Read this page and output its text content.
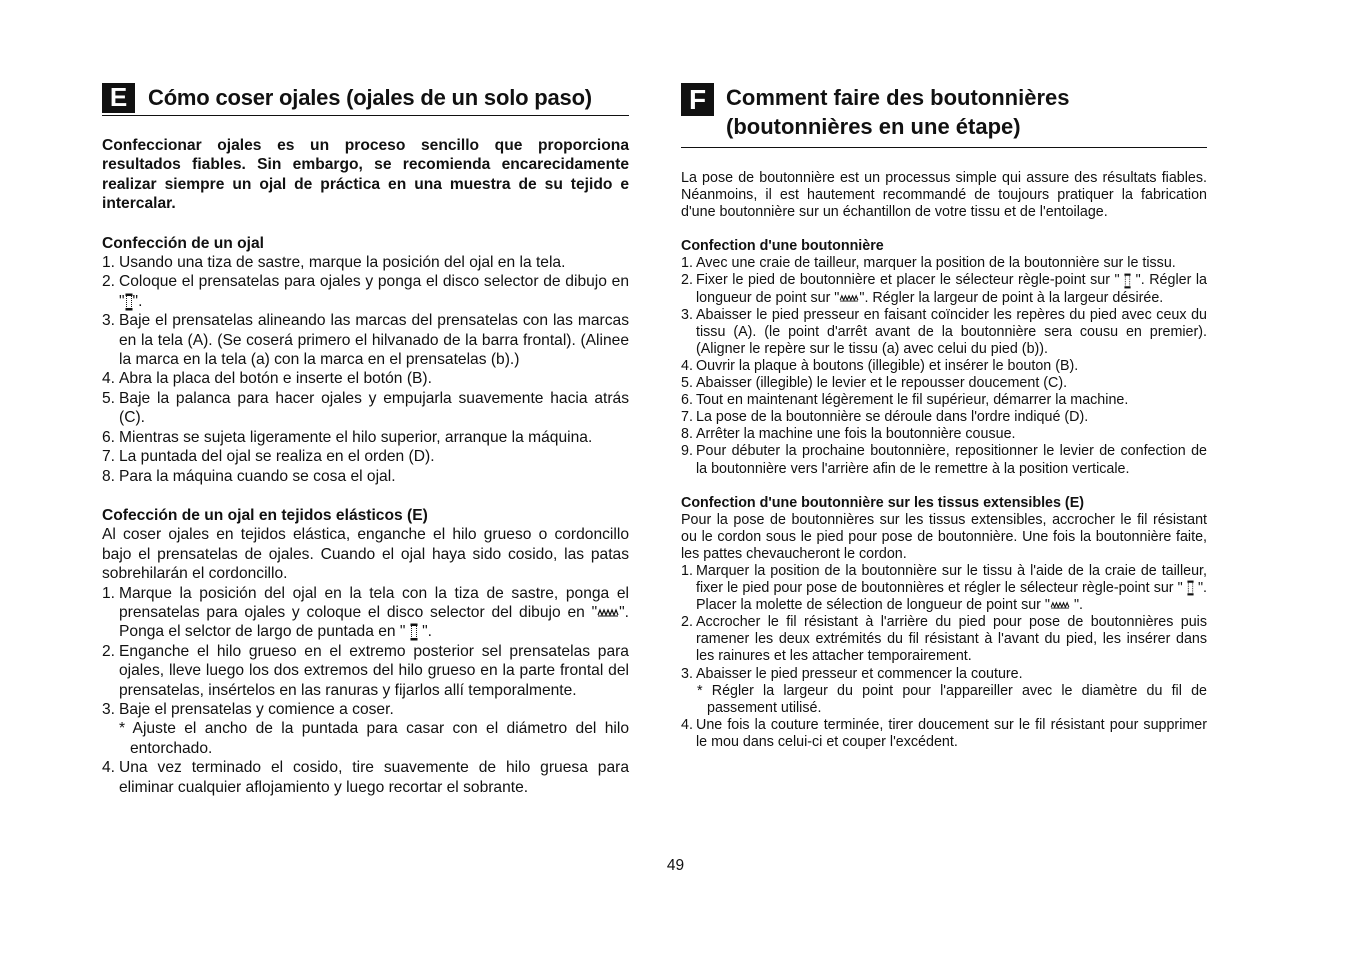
E Cómo coser ojales (ojales de un solo paso)

Confeccionar ojales es un proceso sencillo que proporciona resultados fiables. Sin embargo, se recomienda encarecidamente realizar siempre un ojal de práctica en una muestra de su tejido e intercalar.

Confección de un ojal
1. Usando una tiza de sastre, marque la posición del ojal en la tela.
2. Coloque el prensatelas para ojales y ponga el disco selector de dibujo en " ".
3. Baje el prensatelas alineando las marcas del prensatelas con las marcas en la tela (A). (Se coserá primero el hilvanado de la barra frontal). (Alinee la marca en la tela (a) con la marca en el prensatelas (b).)
4. Abra la placa del botón e inserte el botón (B).
5. Baje la palanca para hacer ojales y empujarla suavemente hacia atrás (C).
6. Mientras se sujeta ligeramente el hilo superior, arranque la máquina.
7. La puntada del ojal se realiza en el orden (D).
8. Para la máquina cuando se cosa el ojal.
Cofección de un ojal en tejidos elásticos (E)

Al coser ojales en tejidos elástica, enganche el hilo grueso o cordoncillo bajo el prensatelas de ojales. Cuando el ojal haya sido cosido, las patas sobrehilarán el cordoncillo.

1. Marque la posición del ojal en la tela con la tiza de sastre, ponga el prensatelas para ojales y coloque el disco selector del dibujo en " ". Ponga el selctor de largo de puntada en "  ".
2. Enganche el hilo grueso en el extremo posterior sel prensatelas para ojales, lleve luego los dos extremos del hilo grueso en la parte frontal del prensatelas, insértelos en las ranuras y fijarlos allí temporalmente.
3. Baje el prensatelas y comience a coser.

* Ajuste el ancho de la puntada para casar con el diámetro del hilo entorchado.

4. Una vez terminado el cosido, tire suavemente de hilo gruesa para eliminar cualquier aflojamiento y luego recortar el sobrante.
F Comment faire des boutonnières
(boutonnières en une étape)

La pose de boutonnière est un processus simple qui assure des résultats fiables. Néanmoins, il est hautement recommandé de toujours pratiquer la fabrication d'une boutonnière sur un échantillon de votre tissu et de l'entoilage.

Confection d'une boutonnière
1. Avec une craie de tailleur, marquer la position de la boutonnière sur le tissu.
2. Fixer le pied de boutonnière et placer le sélecteur règle-point sur "  ". Régler la longueur de point sur " ". Régler la largeur de point à la largeur désirée.
3. Abaisser le pied presseur en faisant coïncider les repères du pied avec ceux du tissu (A). (le point d'arrêt avant de la boutonnière sera cousu en premier). (Aligner le repère sur le tissu (a) avec celui du pied (b)).
4. Ouvrir la plaque à boutons (illegible) et insérer le bouton (B).
5. Abaisser (illegible) le levier et le repousser doucement (C).
6. Tout en maintenant légèrement le fil supérieur, démarrer la machine.
7. La pose de la boutonnière se déroule dans l'ordre indiqué (D).
8. Arrêter la machine une fois la boutonnière cousue.
9. Pour débuter la prochaine boutonnière, repositionner le levier de confection de la boutonnière vers l'arrière afin de le remettre à la position verticale.
Confection d'une boutonnière sur les tissus extensibles (E)

Pour la pose de boutonnières sur les tissus extensibles, accrocher le fil résistant ou le cordon sous le pied pour pose de boutonnière. Une fois la boutonnière faite, les pattes chevaucheront le cordon.

1. Marquer la position de la boutonnière sur le tissu à l'aide de la craie de tailleur, fixer le pied pour pose de boutonnières et régler le sélecteur règle-point sur "  ". Placer la molette de sélection de longueur de point sur " ".
2. Accrocher le fil résistant à l'arrière du pied pour pose de boutonnières puis ramener les deux extrémités du fil résistant à l'avant du pied, les insérer dans les rainures et les attacher temporairement.
3. Abaisser le pied presseur et commencer la couture.

* Régler la largeur du point pour l'appareiller avec le diamètre du fil de passement utilisé.

4. Une fois la couture terminée, tirer doucement sur le fil résistant pour supprimer le mou dans celui-ci et couper l'excédent.
49
